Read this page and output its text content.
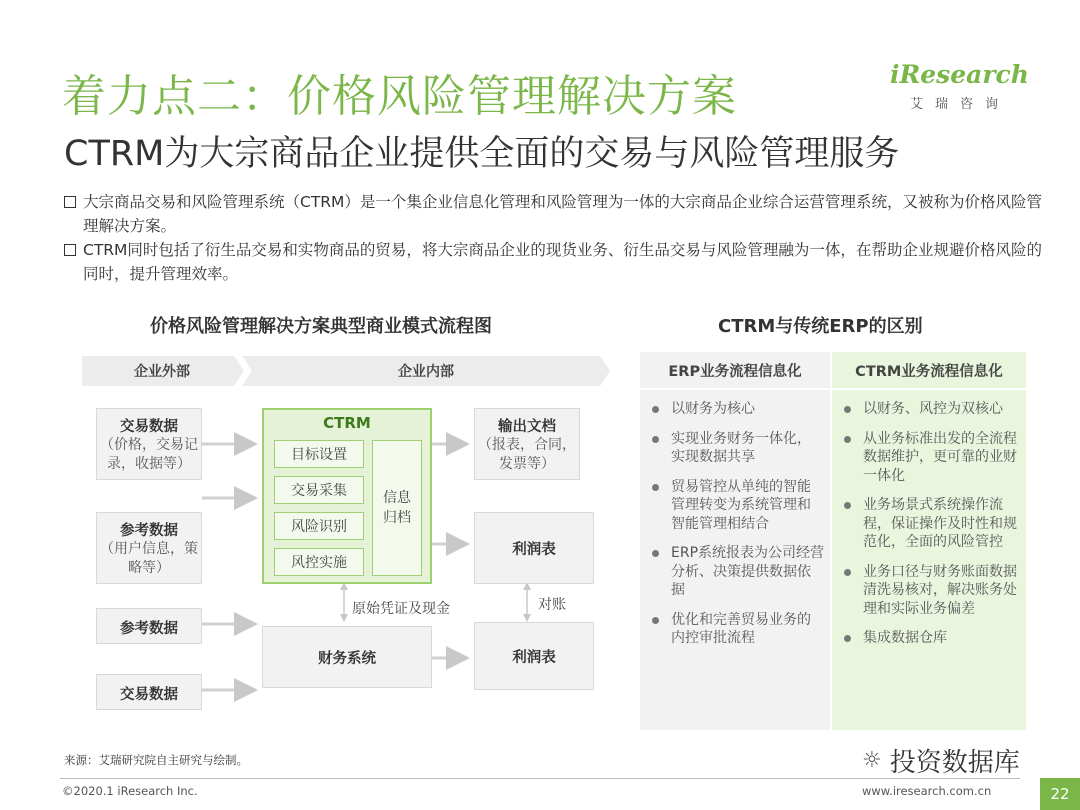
着力点二：价格风险管理解决方案
CTRM为大宗商品企业提供全面的交易与风险管理服务
iResearch
艾瑞咨询
大宗商品交易和风险管理系统（CTRM）是一个集企业信息化管理和风险管理为一体的大宗商品企业综合运营管理系统，又被称为价格风险管理解决方案。
CTRM同时包括了衍生品交易和实物商品的贸易，将大宗商品企业的现货业务、衍生品交易与风险管理融为一体，在帮助企业规避价格风险的同时，提升管理效率。
价格风险管理解决方案典型商业模式流程图	CTRM与传统ERP的区别
企业外部	企业内部
交易数据
（价格，交易记录，收据等）
参考数据
（用户信息，策略等）
参考数据
交易数据
CTRM
目标设置
交易采集
风险识别
风控实施
信息归档
原始凭证及现金	对账
财务系统
输出文档
（报表，合同，发票等）
利润表
利润表
ERP业务流程信息化	CTRM业务流程信息化
以财务为核心
实现业务财务一体化，实现数据共享
贸易管控从单纯的智能管理转变为系统管理和智能管理相结合
ERP系统报表为公司经营分析、决策提供数据依据
优化和完善贸易业务的内控审批流程
以财务、风控为双核心
从业务标准出发的全流程数据维护，更可靠的业财一体化
业务场景式系统操作流程，保证操作及时性和规范化，全面的风险管控
业务口径与财务账面数据清洗易核对，解决账务处理和实际业务偏差
集成数据仓库
来源：艾瑞研究院自主研究与绘制。	☼ 投资数据库
©2020.1 iResearch Inc.	www.iresearch.com.cn	22
